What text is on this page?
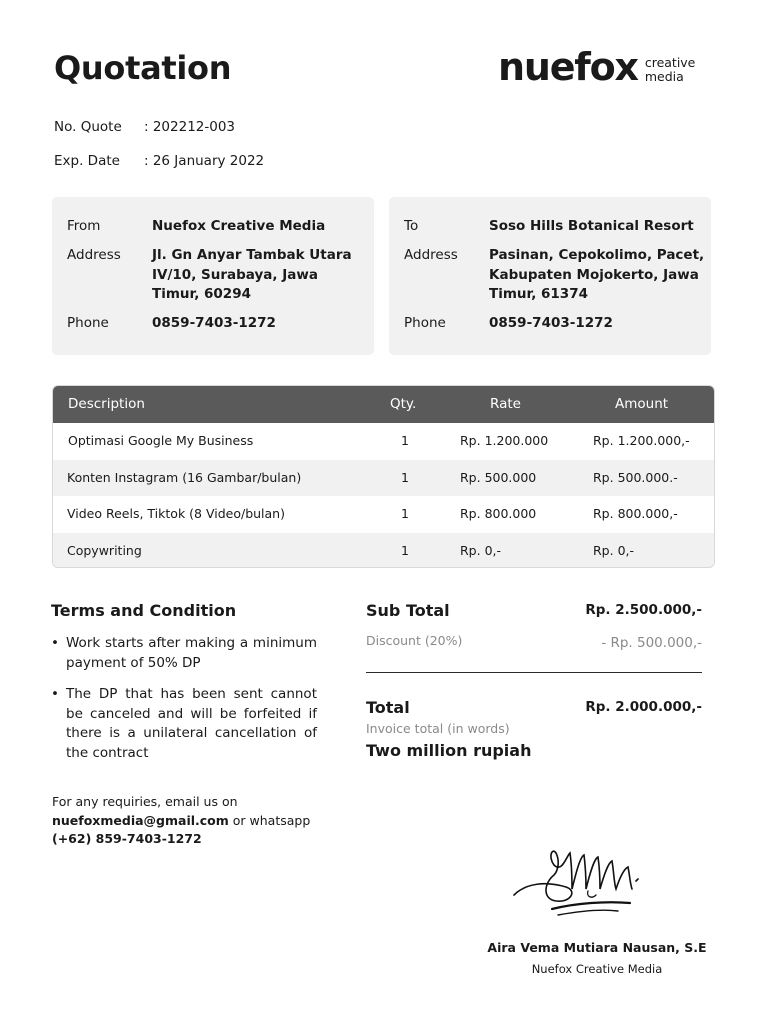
Quotation	nuefox creative
media
No. Quote : 202212-003
Exp. Date : 26 January 2022
From	Nuefox Creative Media
Address Jl. Gn Anyar Tambak Utara
IV/10, Surabaya, Jawa
Timur, 60294
Phone	0859-7403-1272
To	Soso Hills Botanical Resort
Address Pasinan, Cepokolimo, Pacet,
Kabupaten Mojokerto, Jawa
Timur, 61374
Phone	0859-7403-1272
Description	Qty.	Rate	Amount
Optimasi Google My Business	1	Rp. 1.200.000	Rp. 1.200.000,-
Konten Instagram (16 Gambar/bulan)	1	Rp. 500.000	Rp. 500.000.-
Video Reels, Tiktok (8 Video/bulan)	1	Rp. 800.000	Rp. 800.000,-
Copywriting	1	Rp. 0,-	Rp. 0,-
Terms and Condition
• Work starts after making a minimum payment of 50% DP
• The DP that has been sent cannot be canceled and will be forfeited if there is a unilateral cancellation of the contract
Sub Total	Rp. 2.500.000,-
Discount (20%)	- Rp. 500.000,-
Total	Rp. 2.000.000,-
Invoice total (in words)
Two million rupiah
For any requiries, email us on
nuefoxmedia@gmail.com or whatsapp
(+62) 859-7403-1272
Aira Vema Mutiara Nausan, S.E
Nuefox Creative Media
